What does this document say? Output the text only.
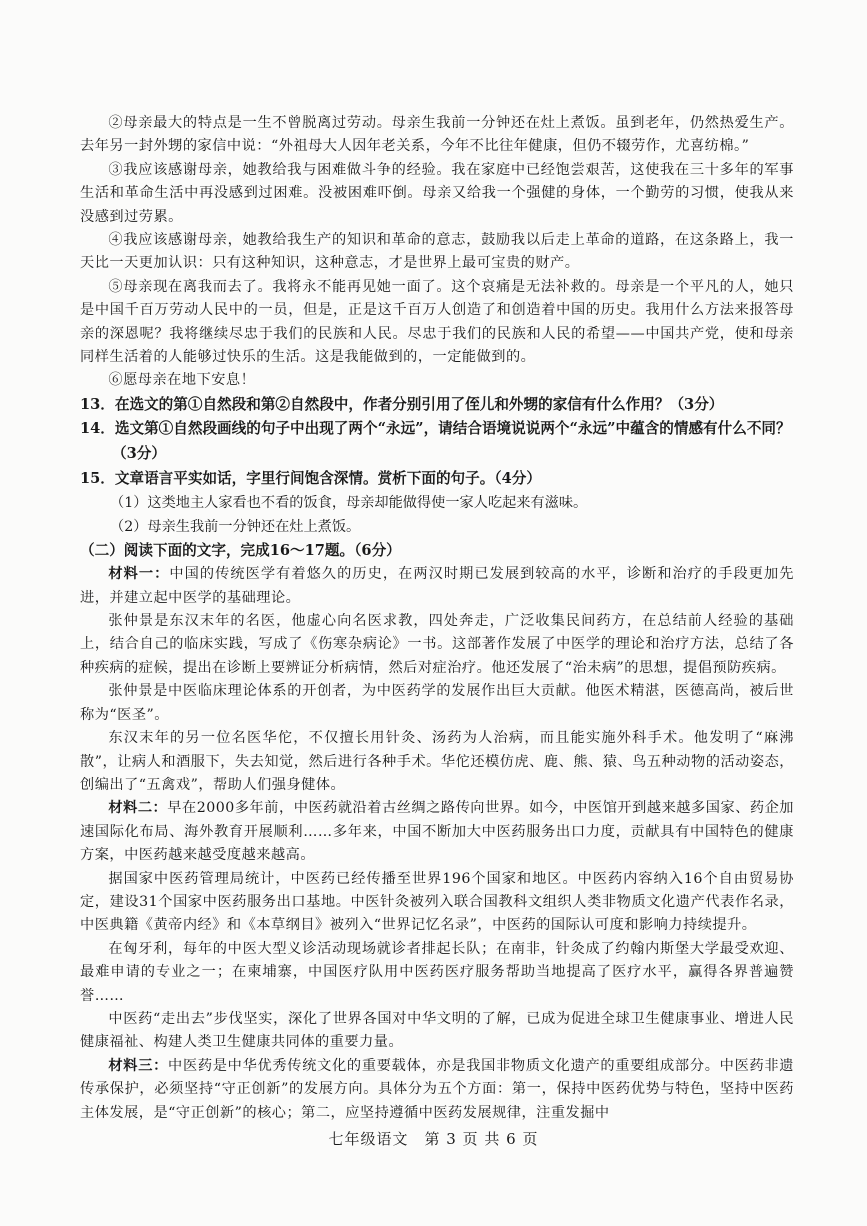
②母亲最大的特点是一生不曾脱离过劳动。母亲生我前一分钟还在灶上煮饭。虽到老年，仍然热爱生产。去年另一封外甥的家信中说：“外祖母大人因年老关系，今年不比往年健康，但仍不辍劳作，尤喜纺棉。”

③我应该感谢母亲，她教给我与困难做斗争的经验。我在家庭中已经饱尝艰苦，这使我在三十多年的军事生活和革命生活中再没感到过困难。没被困难吓倒。母亲又给我一个强健的身体，一个勤劳的习惯，使我从来没感到过劳累。

④我应该感谢母亲，她教给我生产的知识和革命的意志，鼓励我以后走上革命的道路，在这条路上，我一天比一天更加认识：只有这种知识，这种意志，才是世界上最可宝贵的财产。

⑤母亲现在离我而去了。我将永不能再见她一面了。这个哀痛是无法补救的。母亲是一个平凡的人，她只是中国千百万劳动人民中的一员，但是，正是这千百万人创造了和创造着中国的历史。我用什么方法来报答母亲的深恩呢？我将继续尽忠于我们的民族和人民。尽忠于我们的民族和人民的希望——中国共产党，使和母亲同样生活着的人能够过快乐的生活。这是我能做到的，一定能做到的。

⑥愿母亲在地下安息！

13．在选文的第①自然段和第②自然段中，作者分别引用了侄儿和外甥的家信有什么作用？（3分）

14．选文第①自然段画线的句子中出现了两个“永远”，请结合语境说说两个“永远”中蕴含的情感有什么不同？（3分）

15．文章语言平实如话，字里行间饱含深情。赏析下面的句子。（4分）

（1）这类地主人家看也不看的饭食，母亲却能做得使一家人吃起来有滋味。

（2）母亲生我前一分钟还在灶上煮饭。

（二）阅读下面的文字，完成16～17题。（6分）

材料一：中国的传统医学有着悠久的历史，在两汉时期已发展到较高的水平，诊断和治疗的手段更加先进，并建立起中医学的基础理论。

张仲景是东汉末年的名医，他虚心向名医求教，四处奔走，广泛收集民间药方，在总结前人经验的基础上，结合自己的临床实践，写成了《伤寒杂病论》一书。这部著作发展了中医学的理论和治疗方法，总结了各种疾病的症候，提出在诊断上要辨证分析病情，然后对症治疗。他还发展了“治未病”的思想，提倡预防疾病。

张仲景是中医临床理论体系的开创者，为中医药学的发展作出巨大贡献。他医术精湛，医德高尚，被后世称为“医圣”。

东汉末年的另一位名医华佗，不仅擅长用针灸、汤药为人治病，而且能实施外科手术。他发明了“麻沸散”，让病人和酒服下，失去知觉，然后进行各种手术。华佗还模仿虎、鹿、熊、猿、鸟五种动物的活动姿态，创编出了“五禽戏”，帮助人们强身健体。

材料二：早在2000多年前，中医药就沿着古丝绸之路传向世界。如今，中医馆开到越来越多国家、药企加速国际化布局、海外教育开展顺利……多年来，中国不断加大中医药服务出口力度，贡献具有中国特色的健康方案，中医药越来越受度越来越高。

据国家中医药管理局统计，中医药已经传播至世界196个国家和地区。中医药内容纳入16个自由贸易协定，建设31个国家中医药服务出口基地。中医针灸被列入联合国教科文组织人类非物质文化遗产代表作名录，中医典籍《黄帝内经》和《本草纲目》被列入“世界记忆名录”，中医药的国际认可度和影响力持续提升。

在匈牙利，每年的中医大型义诊活动现场就诊者排起长队；在南非，针灸成了约翰内斯堡大学最受欢迎、最难申请的专业之一；在柬埔寨，中国医疗队用中医药医疗服务帮助当地提高了医疗水平，赢得各界普遍赞誉……

中医药“走出去”步伐坚实，深化了世界各国对中华文明的了解，已成为促进全球卫生健康事业、增进人民健康福祉、构建人类卫生健康共同体的重要力量。

材料三：中医药是中华优秀传统文化的重要载体，亦是我国非物质文化遗产的重要组成部分。中医药非遗传承保护，必须坚持“守正创新”的发展方向。具体分为五个方面：第一，保持中医药优势与特色，坚持中医药主体发展，是“守正创新”的核心；第二，应坚持遵循中医药发展规律，注重发掘中

七年级语文　第 3 页 共 6 页
